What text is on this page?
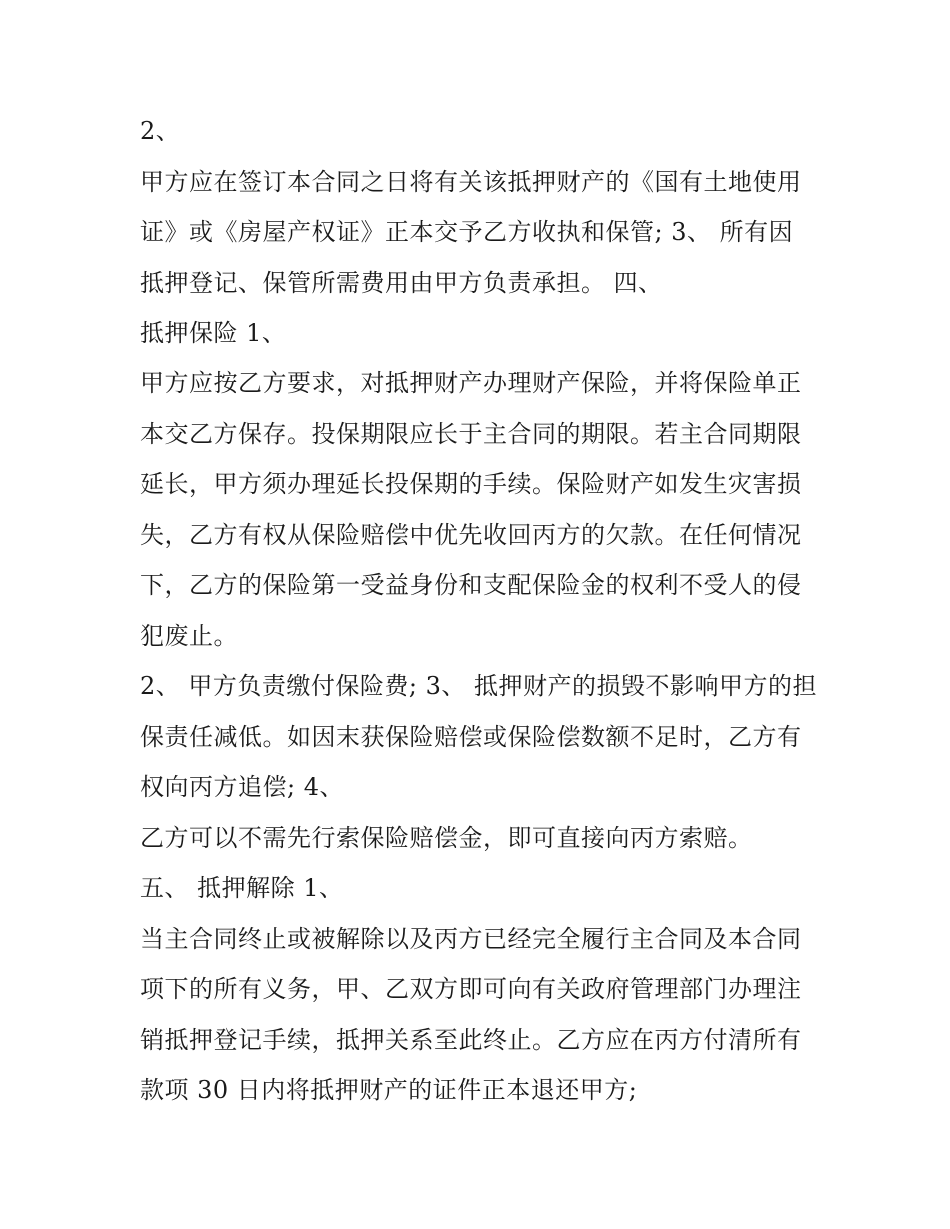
2、

甲方应在签订本合同之日将有关该抵押财产的《国有土地使用

证》或《房屋产权证》正本交予乙方收执和保管; 3、 所有因

抵押登记、保管所需费用由甲方负责承担。 四、

抵押保险 1、

甲方应按乙方要求，对抵押财产办理财产保险，并将保险单正

本交乙方保存。投保期限应长于主合同的期限。若主合同期限

延长，甲方须办理延长投保期的手续。保险财产如发生灾害损

失，乙方有权从保险赔偿中优先收回丙方的欠款。在任何情况

下，乙方的保险第一受益身份和支配保险金的权利不受人的侵

犯废止。

2、 甲方负责缴付保险费; 3、 抵押财产的损毁不影响甲方的担

保责任减低。如因末获保险赔偿或保险偿数额不足时，乙方有

权向丙方追偿; 4、

乙方可以不需先行索保险赔偿金，即可直接向丙方索赔。

五、 抵押解除 1、

当主合同终止或被解除以及丙方已经完全履行主合同及本合同

项下的所有义务，甲、乙双方即可向有关政府管理部门办理注

销抵押登记手续，抵押关系至此终止。乙方应在丙方付清所有

款项 30 日内将抵押财产的证件正本退还甲方;
